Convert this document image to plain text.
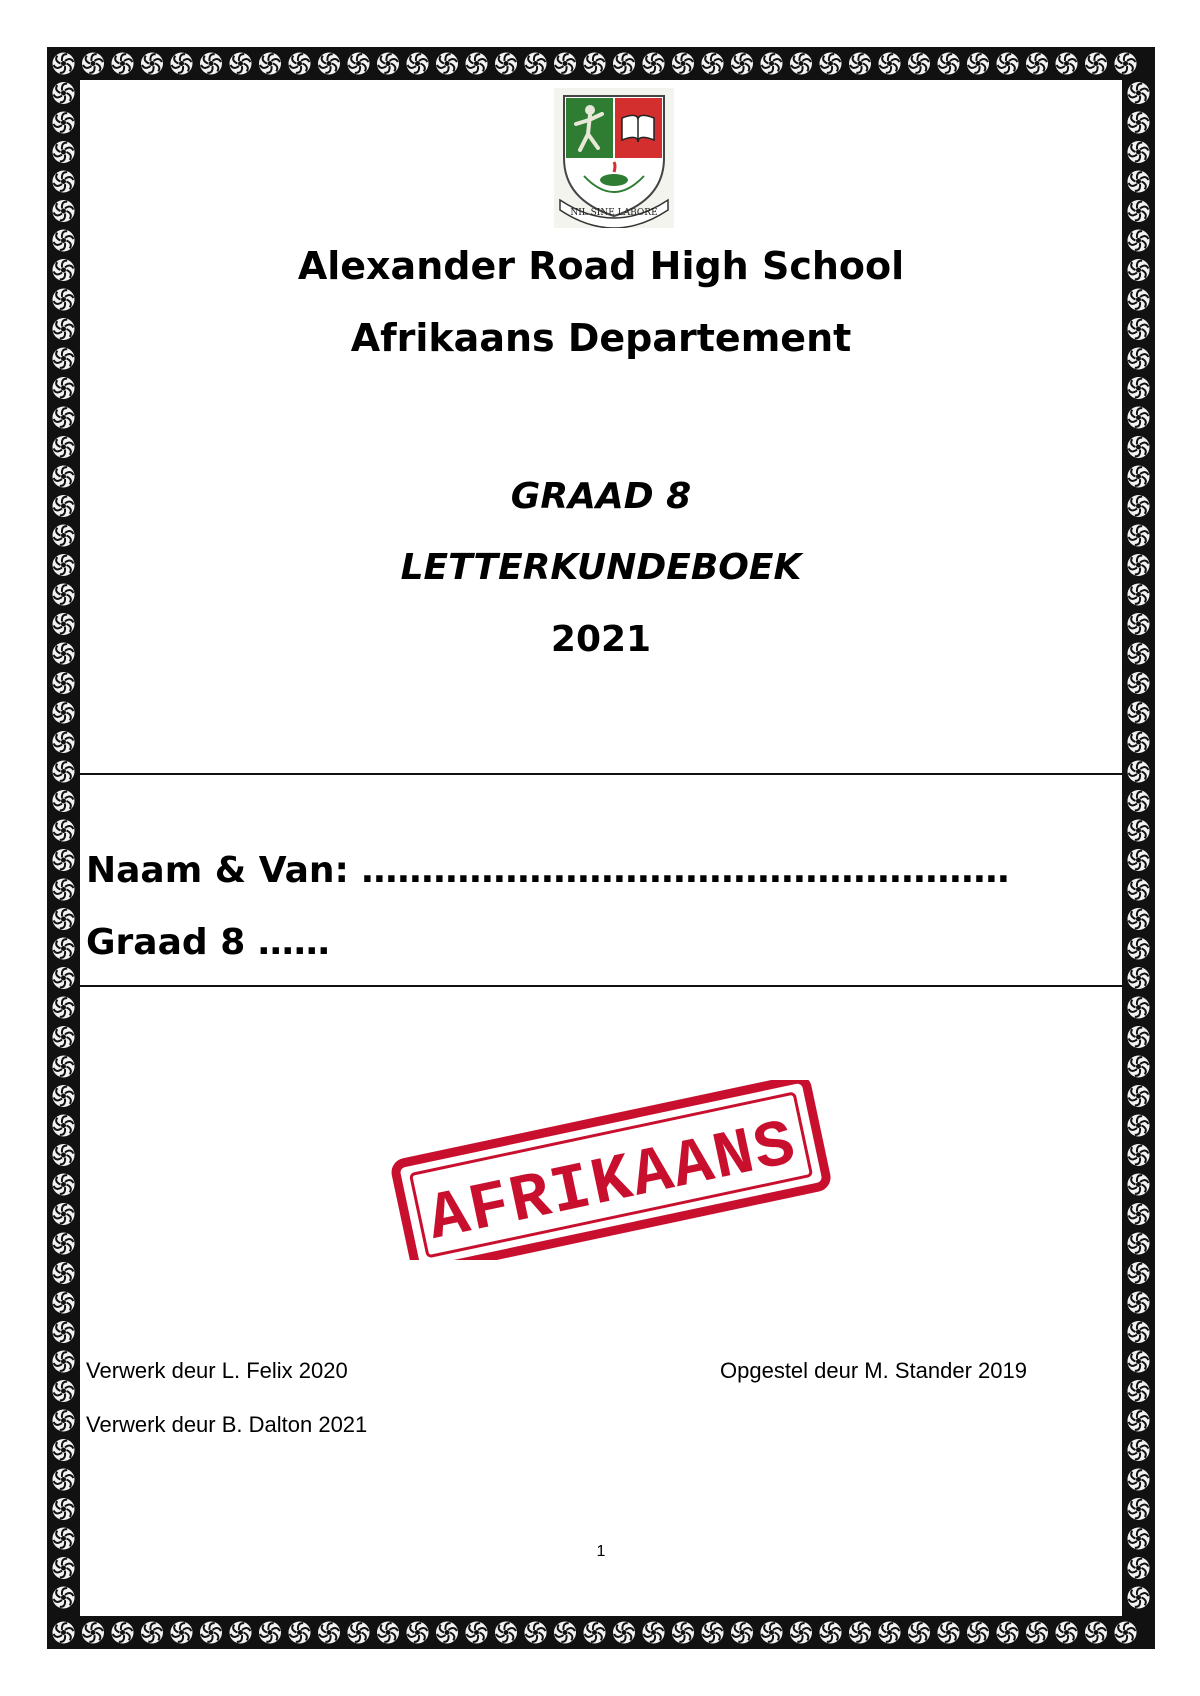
NIL SINE LABORE
Alexander Road High School
Afrikaans Departement
GRAAD 8
LETTERKUNDEBOEK
2021
Naam & Van: ………………………………………………
Graad 8 ……
AFRIKAANS
Verwerk deur L. Felix 2020	Opgestel deur M. Stander 2019
Verwerk deur B. Dalton 2021
1
